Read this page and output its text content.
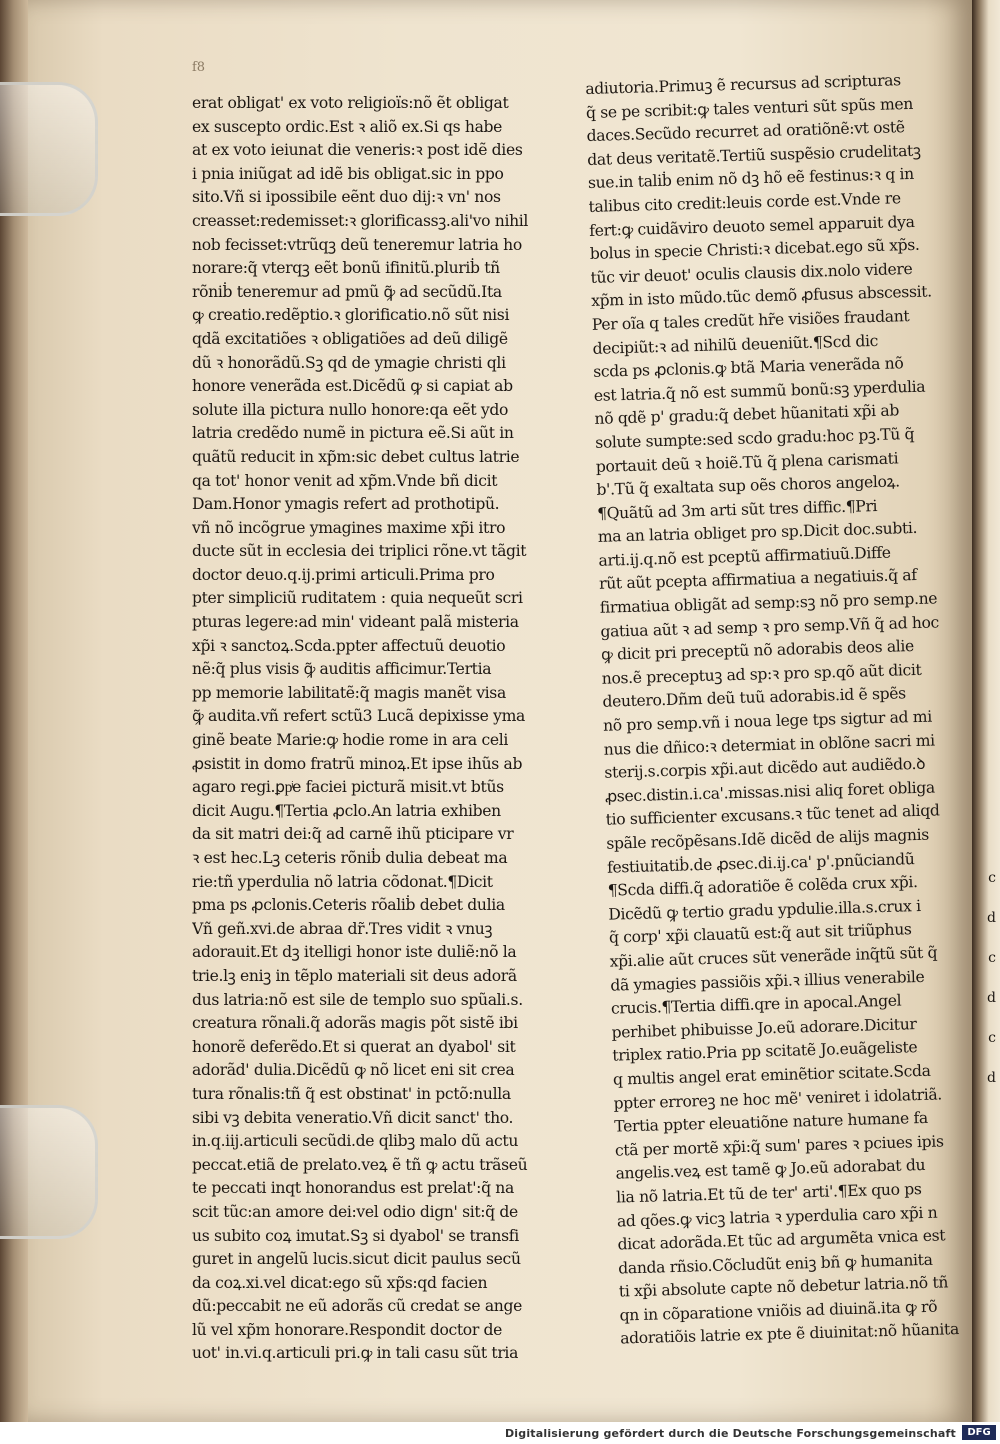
c
d
c
d
c
d
f8
erat obligat' ex voto religioïs:nõ ẽt obligat
ex suscepto ordic.Est ꝛ aliõ ex.Si qs habe
at ex voto ieiunat die veneris:ꝛ post idẽ dies
i pnia iniũgat ad idẽ bis obligat.sic in ppo
sito.Vñ si ipossibile eẽnt duo dij:ꝛ vn' nos
creasset:redemisset:ꝛ glorificassꝫ.ali'vo nihil
nob fecisset:vtrũqꝫ deũ teneremur latria ho
norare:q̃ vterqꝫ eẽt bonũ ifinitũ.pluriḃ tñ
rõniḃ teneremur ad pmũ ꝙ̃ ad secũdũ.Ita
ꝙ creatio.redẽptio.ꝛ glorificatio.nõ sũt nisi
qdã excitatiões ꝛ obligatiões ad deũ diligẽ
dũ ꝛ honorãdũ.Sꝫ qd de ymagie christi qli
honore venerãda est.Dicẽdũ ꝙ si capiat ab
solute illa pictura nullo honore:qa eẽt ydo
latria credẽdo numẽ in pictura eẽ.Si aũt in
quãtũ reducit in xp̃m:sic debet cultus latrie
qa tot' honor venit ad xp̃m.Vnde bñ dicit
Dam.Honor ymagis refert ad prothotipũ.
vñ nõ incõgrue ymagines maxime xp̃i itro
ducte sũt in ecclesia dei triplici rõne.vt tãgit
doctor deuo.q.ij.primi articuli.Prima pro
pter simpliciũ ruditatem : quia nequeũt scri
pturas legere:ad min' videant palã misteria
xp̃i ꝛ sanctoꝝ.Scda.ppter affectuũ deuotio
nẽ:q̃ plus visis ꝙ̃ auditis afficimur.Tertia
pp memorie labilitatẽ:q̃ magis manẽt visa
ꝙ̃ audita.vñ refert sctũ3 Lucã depixisse yma
ginẽ beate Marie:ꝙ hodie rome in ara celi
ꝓsistit in domo fratrũ minoꝝ.Et ipse ihũs ab
agaro regi.ꝑpͥe faciei picturã misit.vt btũs
dicit Augu.¶Tertia ꝓclo.An latria exhiben
da sit matri dei:q̃ ad carnẽ ihũ pticipare vr
ꝛ est hec.Lꝫ ceteris rõniḃ dulia debeat ma
rie:tñ yperdulia nõ latria cõdonat.¶Dicit
pma ps ꝓclonis.Ceteris rõaliḃ debet dulia
Vñ geñ.xvi.de abraa dr̃.Tres vidit ꝛ vnuꝫ
adorauit.Et dꝫ itelligi honor iste duliẽ:nõ la
trie.lꝫ eniꝫ in tẽplo materiali sit deus adorã
dus latria:nõ est sile de templo suo spũali.s.
creatura rõnali.q̃ adorãs magis põt sistẽ ibi
honorẽ deferẽdo.Et si querat an dyabol' sit
adorãd' dulia.Dicẽdũ ꝙ nõ licet eni sit crea
tura rõnalis:tñ q̃ est obstinat' in pctõ:nulla
sibi vꝫ debita veneratio.Vñ dicit sanct' tho.
in.q.iij.articuli secũdi.de qlibꝫ malo dũ actu
peccat.etiã de prelato.veꝝ ẽ tñ ꝙ actu trãseũ
te peccati inqt honorandus est prelat':q̃ na
scit tũc:an amore dei:vel odio dign' sit:q̃ de
us subito coꝝ imutat.Sꝫ si dyabol' se transfi
guret in angelũ lucis.sicut dicit paulus secũ
da coꝝ.xi.vel dicat:ego sũ xp̃s:qd facien
dũ:peccabit ne eũ adorãs cũ credat se ange
lũ vel xp̃m honorare.Respondit doctor de
uot' in.vi.q.articuli pri.ꝙ in tali casu sũt tria
adiutoria.Primuꝫ ẽ recursus ad scripturas
q̃ se pe scribit:ꝙ tales venturi sũt spũs men
daces.Secũdo recurret ad oratiõnẽ:vt ostẽ
dat deus veritatẽ.Tertiũ suspẽsio crudelitatꝫ
sue.in taliḃ enim nõ dꝫ hõ eẽ festinus:ꝛ q in
talibus cito credit:leuis corde est.Vnde re
fert:ꝙ cuidãviro deuoto semel apparuit dya
bolus in specie Christi:ꝛ dicebat.ego sũ xp̃s.
tũc vir deuot' oculis clausis dix.nolo videre
xp̃m in isto mũdo.tũc demõ ꝓfusus abscessit.
Per oĩa q tales credũt hr̃e visiões fraudant
decipiũt:ꝛ ad nihilũ deueniũt.¶Scd dic
scda ps ꝓclonis.ꝙ btã Maria venerãda nõ
est latria.q̃ nõ est summũ bonũ:sꝫ yperdulia
nõ qdẽ p' gradu:q̃ debet hũanitati xp̃i ab
solute sumpte:sed scdo gradu:hoc pꝫ.Tũ q̃
portauit deũ ꝛ hoiẽ.Tũ q̃ plena carismati
b'.Tũ q̃ exaltata sup oẽs choros angeloꝝ.
¶Quãtũ ad 3m arti sũt tres diffic.¶Pri
ma an latria obliget pro sp.Dicit doc.subti.
arti.ij.q.nõ est pceptũ affirmatiuũ.Diffe
rũt aũt pcepta affirmatiua a negatiuis.q̃ af
firmatiua obligãt ad semp:sꝫ nõ pro semp.ne
gatiua aũt ꝛ ad semp ꝛ pro semp.Vñ q̃ ad hoc
ꝙ dicit pri preceptũ nõ adorabis deos alie
nos.ẽ preceptuꝫ ad sp:ꝛ pro sp.qõ aũt dicit
deutero.Dñm deũ tuũ adorabis.id ẽ spẽs
nõ pro semp.vñ i noua lege tps sigtur ad mi
nus die dñico:ꝛ determiat in oblõne sacri mi
sterij.s.corpis xp̃i.aut dicẽdo aut audiẽdo.ꝺ
ꝓsec.distin.i.ca'.missas.nisi aliq foret obliga
tio sufficienter excusans.ꝛ tũc tenet ad aliqd
spãle recõpẽsans.Idẽ dicẽd de alijs magnis
festiuitatiḃ.de ꝓsec.di.ij.ca' p'.pnũciandũ
¶Scda diffi.q̃ adoratiõe ẽ colẽda crux xp̃i.
Dicẽdũ ꝙ tertio gradu ypdulie.illa.s.crux i
q̃ corp' xp̃i clauatũ est:q̃ aut sit triũphus
xp̃i.alie aũt cruces sũt venerãde inq̃tũ sũt q̃
dã ymagies passiõis xp̃i.ꝛ illius venerabile
crucis.¶Tertia diffi.qre in apocal.Angel
perhibet phibuisse Jo.eũ adorare.Dicitur
triplex ratio.Pria pp scitatẽ Jo.euãgeliste
q multis angel erat eminẽtior scitate.Scda
ppter erroreꝫ ne hoc mẽ' veniret i idolatriã.
Tertia ppter eleuatiõne nature humane fa
ctã per mortẽ xp̃i:q̃ sum' pares ꝛ pciues ipis
angelis.veꝝ est tamẽ ꝙ Jo.eũ adorabat du
lia nõ latria.Et tũ de ter' arti'.¶Ex quo ps
ad qões.ꝙ vicꝫ latria ꝛ yperdulia caro xp̃i n
dicat adorãda.Et tũc ad argumẽta vnica est
danda rñsio.Cõcludũt eniꝫ bñ ꝙ humanita
ti xp̃i absolute capte nõ debetur latria.nõ tñ
qn in cõparatione vniõis ad diuinã.ita ꝙ rõ
adoratiõis latrie ex pte ẽ diuinitat:nõ hũanita
Digitalisierung gefördert durch die Deutsche Forschungsgemeinschaft	DFG
